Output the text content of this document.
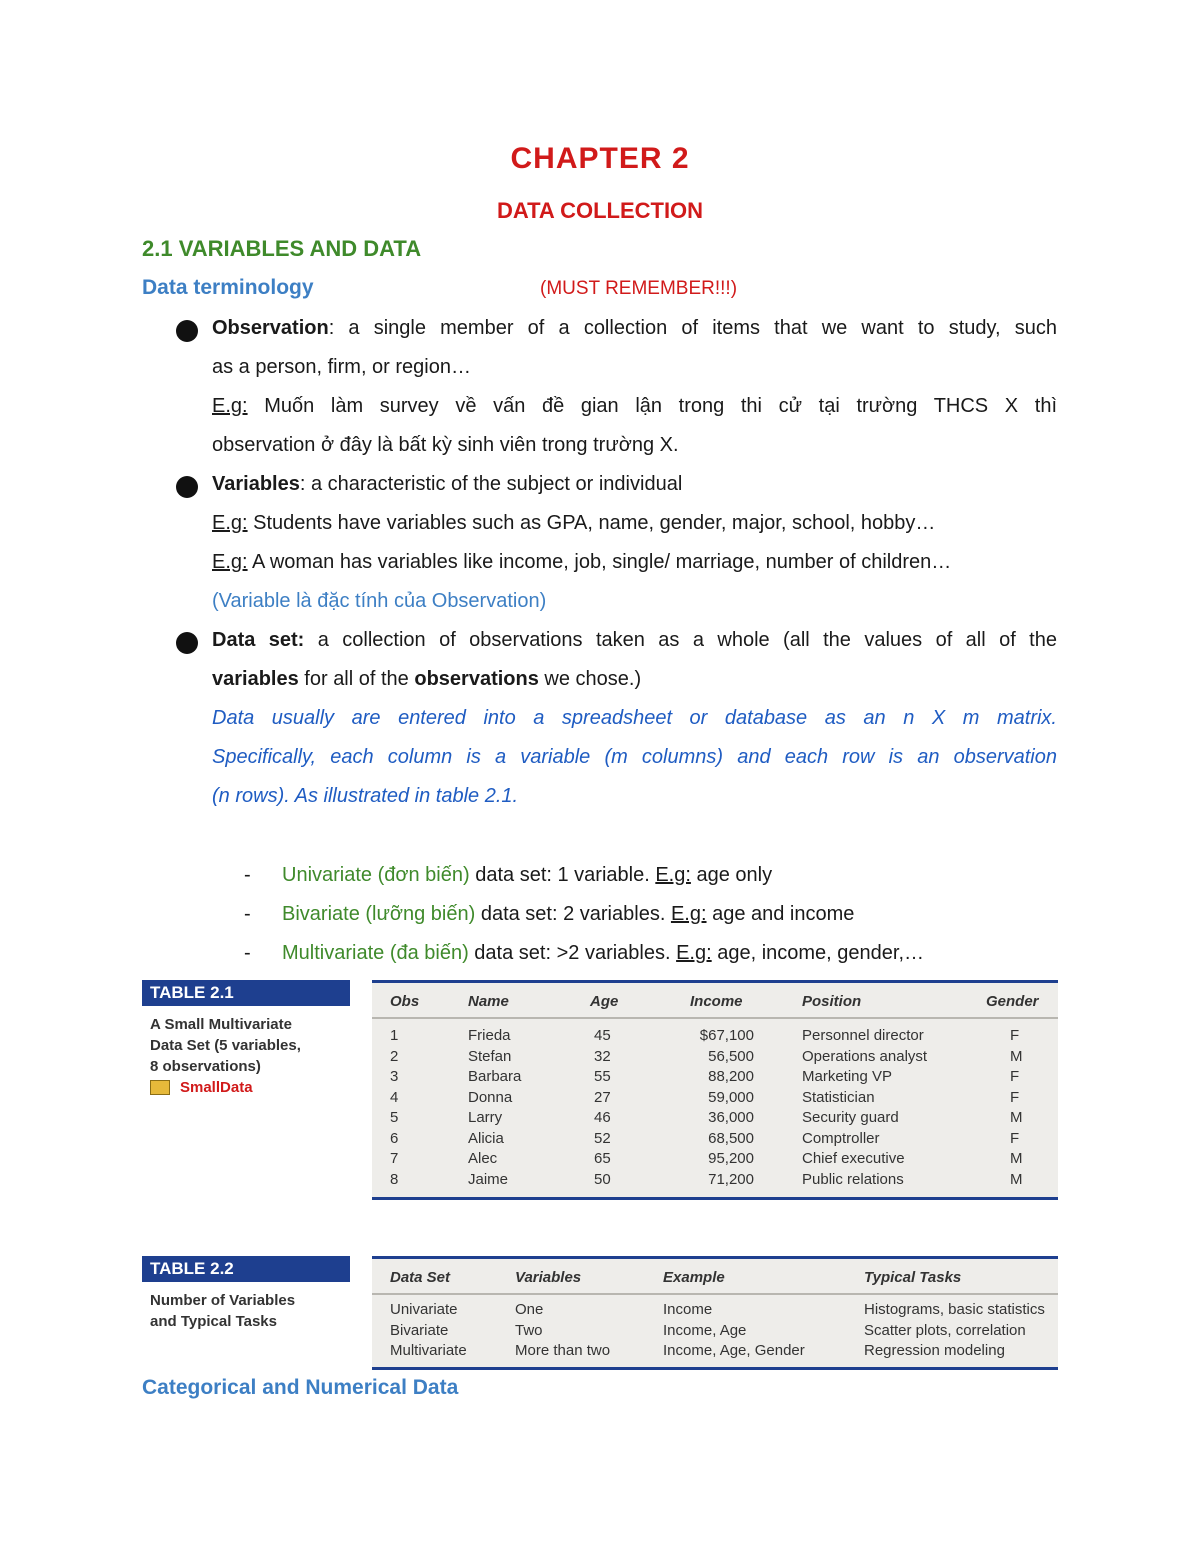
CHAPTER 2
DATA COLLECTION
2.1 VARIABLES AND DATA
Data terminology	(MUST REMEMBER!!!)
Observation: a single member of a collection of items that we want to study, such
as a person, firm, or region…
E.g: Muốn làm survey về vấn đề gian lận trong thi cử tại trường THCS X thì
observation ở đây là bất kỳ sinh viên trong trường X.
Variables: a characteristic of the subject or individual
E.g: Students have variables such as GPA, name, gender, major, school, hobby…
E.g: A woman has variables like income, job, single/ marriage, number of children…
(Variable là đặc tính của Observation)
Data set: a collection of observations taken as a whole (all the values of all of the
variables for all of the observations we chose.)
Data usually are entered into a spreadsheet or database as an n X m matrix.
Specifically, each column is a variable (m columns) and each row is an observation
(n rows). As illustrated in table 2.1.
- Univariate (đơn biến) data set: 1 variable. E.g: age only
- Bivariate (lưỡng biến) data set: 2 variables. E.g: age and income
- Multivariate (đa biến) data set: >2 variables. E.g: age, income, gender,…
TABLE 2.1
A Small Multivariate
Data Set (5 variables,
8 observations)
SmallData
Obs	Name	Age	Income	Position	Gender
1	Frieda	45	$67,100	Personnel director	F
2	Stefan	32	56,500	Operations analyst	M
3	Barbara	55	88,200	Marketing VP	F
4	Donna	27	59,000	Statistician	F
5	Larry	46	36,000	Security guard	M
6	Alicia	52	68,500	Comptroller	F
7	Alec	65	95,200	Chief executive	M
8	Jaime	50	71,200	Public relations	M
TABLE 2.2
Number of Variables
and Typical Tasks
Data Set	Variables	Example	Typical Tasks
Univariate	One	Income	Histograms, basic statistics
Bivariate	Two	Income, Age	Scatter plots, correlation
Multivariate	More than two	Income, Age, Gender	Regression modeling
Categorical and Numerical Data
